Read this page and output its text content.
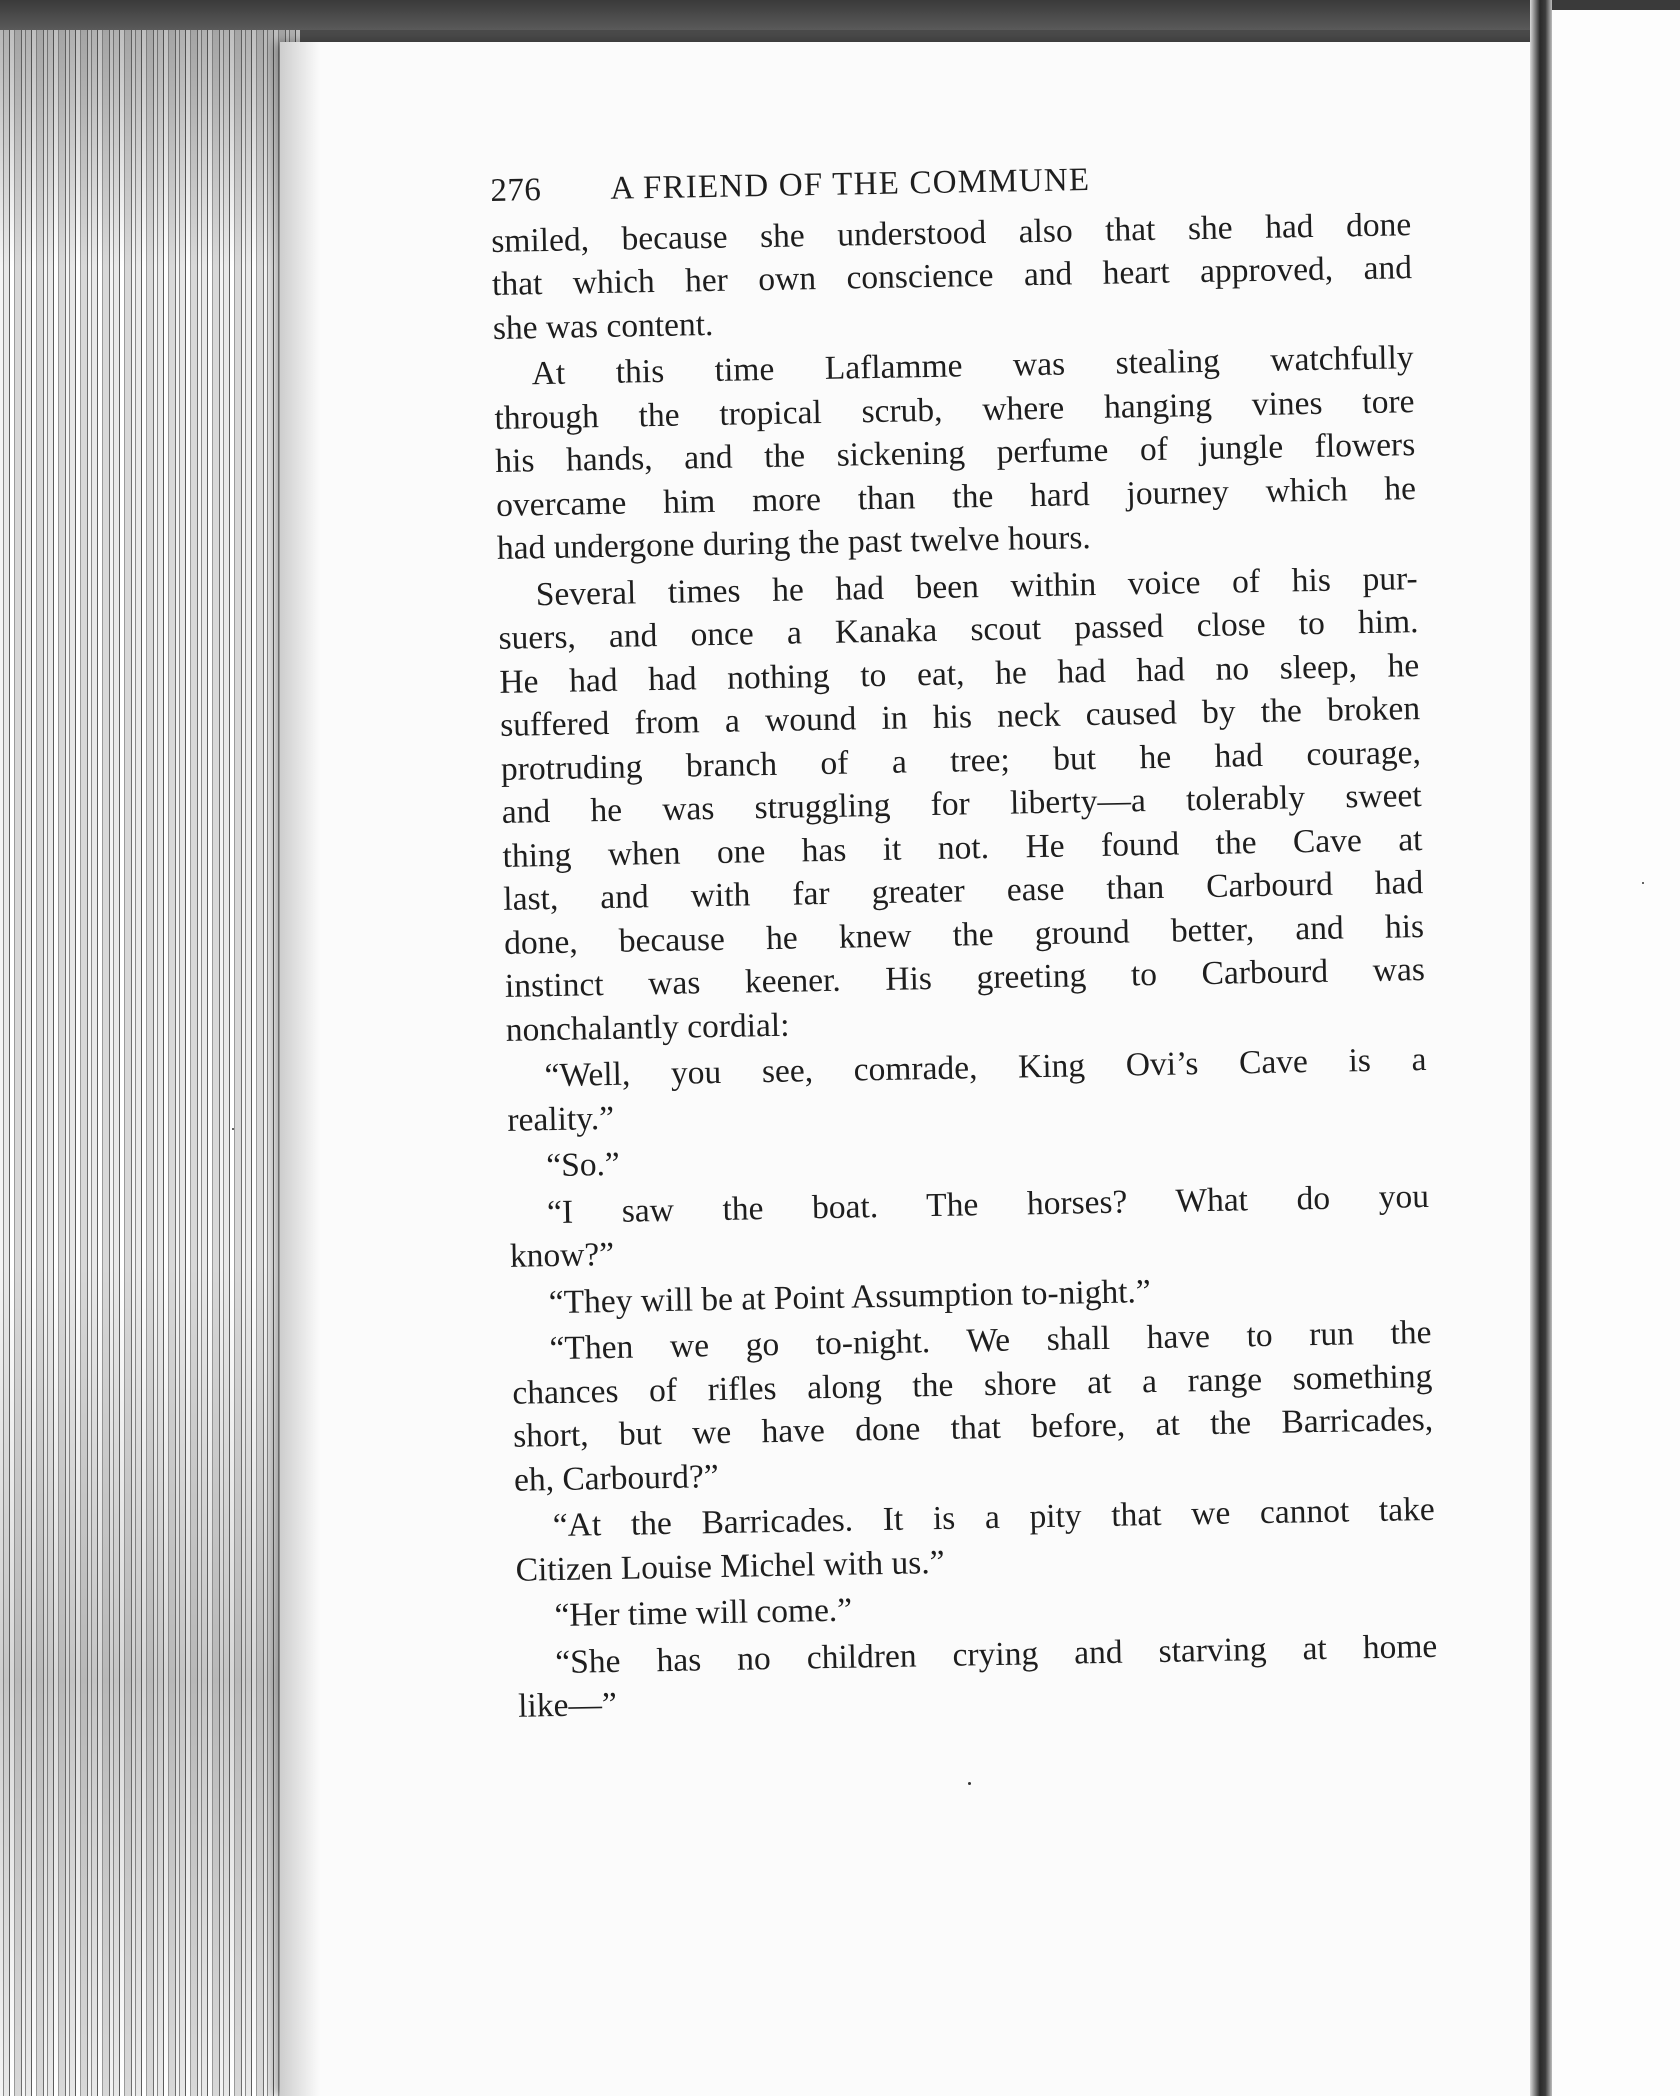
276	A FRIEND OF THE COMMUNE
smiled, because she understood also that she had done
that which her own conscience and heart approved, and
she was content.
At this time Laflamme was stealing watchfully
through the tropical scrub, where hanging vines tore
his hands, and the sickening perfume of jungle flowers
overcame him more than the hard journey which he
had undergone during the past twelve hours.
Several times he had been within voice of his pur-
suers, and once a Kanaka scout passed close to him.
He had had nothing to eat, he had had no sleep, he
suffered from a wound in his neck caused by the broken
protruding branch of a tree; but he had courage,
and he was struggling for liberty—a tolerably sweet
thing when one has it not. He found the Cave at
last, and with far greater ease than Carbourd had
done, because he knew the ground better, and his
instinct was keener. His greeting to Carbourd was
nonchalantly cordial:
“Well, you see, comrade, King Ovi’s Cave is a
reality.”
“So.”
“I saw the boat. The horses? What do you
know?”
“They will be at Point Assumption to-night.”
“Then we go to-night. We shall have to run the
chances of rifles along the shore at a range something
short, but we have done that before, at the Barricades,
eh, Carbourd?”
“At the Barricades. It is a pity that we cannot take
Citizen Louise Michel with us.”
“Her time will come.”
“She has no children crying and starving at home
like—”
